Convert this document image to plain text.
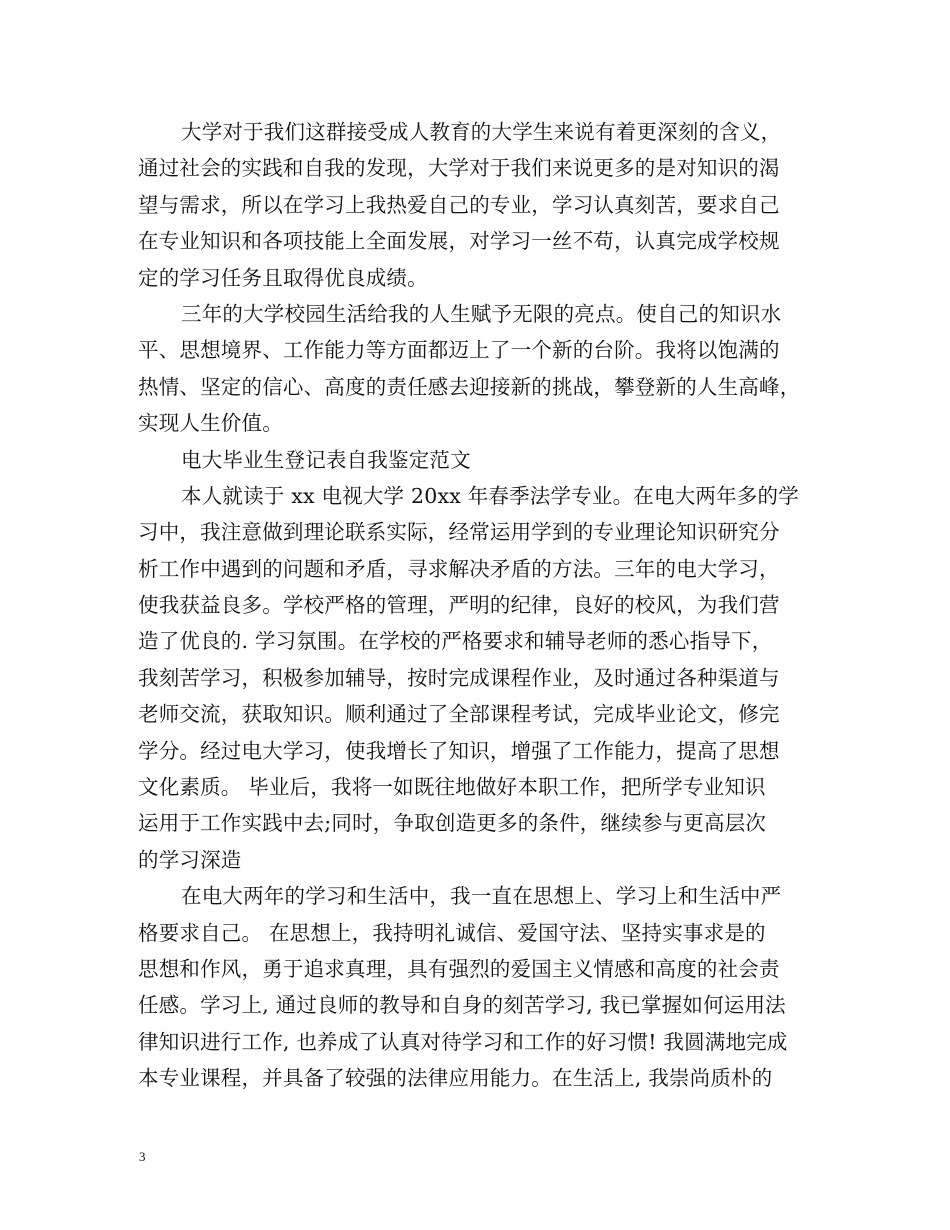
大学对于我们这群接受成人教育的大学生来说有着更深刻的含义，
通过社会的实践和自我的发现，大学对于我们来说更多的是对知识的渴
望与需求，所以在学习上我热爱自己的专业，学习认真刻苦，要求自己
在专业知识和各项技能上全面发展，对学习一丝不苟，认真完成学校规
定的学习任务且取得优良成绩。
三年的大学校园生活给我的人生赋予无限的亮点。使自己的知识水
平、思想境界、工作能力等方面都迈上了一个新的台阶。我将以饱满的
热情、坚定的信心、高度的责任感去迎接新的挑战，攀登新的人生高峰，
实现人生价值。
电大毕业生登记表自我鉴定范文
本人就读于 xx 电视大学 20xx 年春季法学专业。在电大两年多的学
习中，我注意做到理论联系实际，经常运用学到的专业理论知识研究分
析工作中遇到的问题和矛盾，寻求解决矛盾的方法。三年的电大学习，
使我获益良多。学校严格的管理，严明的纪律，良好的校风，为我们营
造了优良的. 学习氛围。在学校的严格要求和辅导老师的悉心指导下，
我刻苦学习，积极参加辅导，按时完成课程作业，及时通过各种渠道与
老师交流，获取知识。顺利通过了全部课程考试，完成毕业论文，修完
学分。经过电大学习，使我增长了知识，增强了工作能力，提高了思想
文化素质。 毕业后，我将一如既往地做好本职工作，把所学专业知识
运用于工作实践中去;同时，争取创造更多的条件，继续参与更高层次
的学习深造
在电大两年的学习和生活中，我一直在思想上、学习上和生活中严
格要求自己。 在思想上，我持明礼诚信、爱国守法、坚持实事求是的
思想和作风，勇于追求真理，具有强烈的爱国主义情感和高度的社会责
任感。学习上, 通过良师的教导和自身的刻苦学习, 我已掌握如何运用法
律知识进行工作, 也养成了认真对待学习和工作的好习惯! 我圆满地完成
本专业课程，并具备了较强的法律应用能力。在生活上, 我崇尚质朴的
3
